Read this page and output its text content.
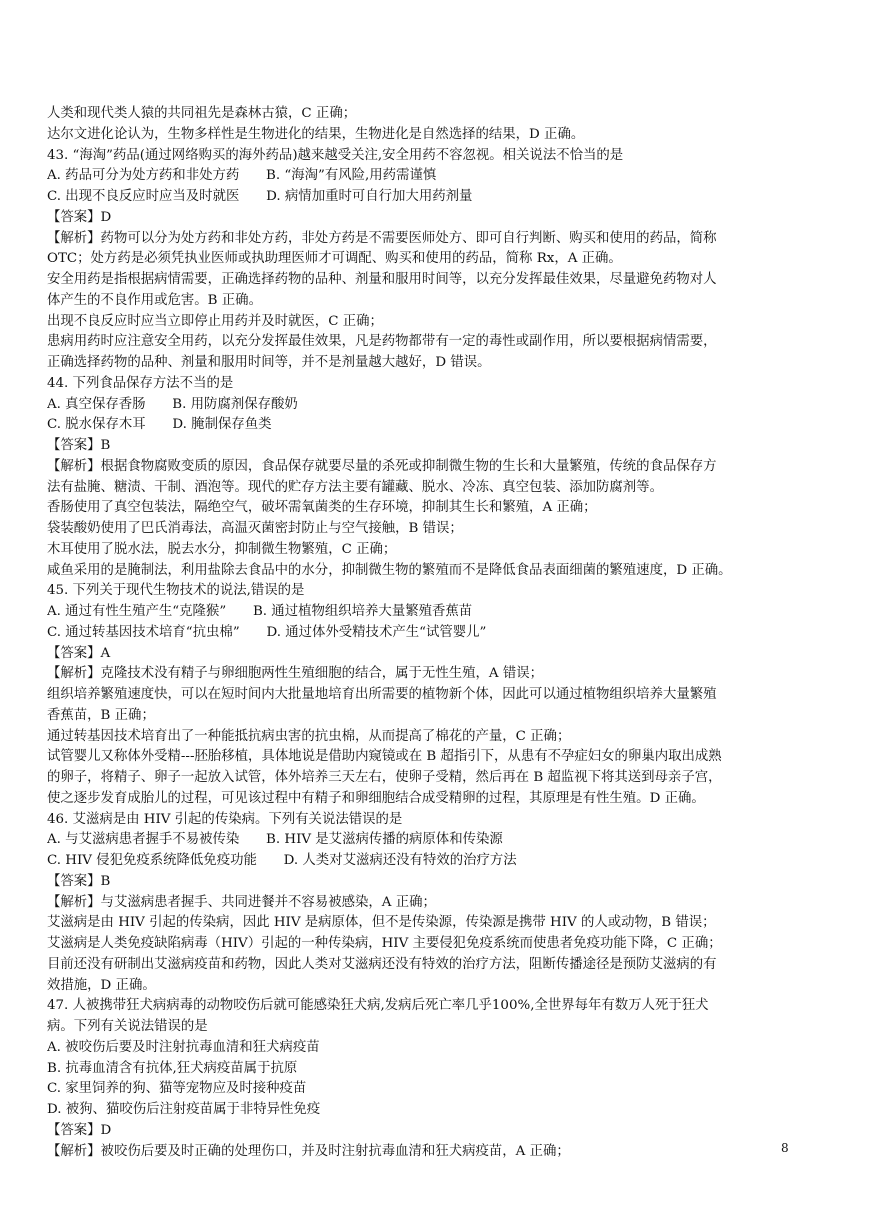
人类和现代类人猿的共同祖先是森林古猿，C 正确；
达尔文进化论认为，生物多样性是生物进化的结果，生物进化是自然选择的结果，D 正确。
43. “海淘”药品(通过网络购买的海外药品)越来越受关注,安全用药不容忽视。相关说法不恰当的是
A. 药品可分为处方药和非处方药　　B. “海淘”有风险,用药需谨慎
C. 出现不良反应时应当及时就医　　D. 病情加重时可自行加大用药剂量
【答案】D
【解析】药物可以分为处方药和非处方药，非处方药是不需要医师处方、即可自行判断、购买和使用的药品，简称
OTC；处方药是必须凭执业医师或执助理医师才可调配、购买和使用的药品，简称 Rx，A 正确。
安全用药是指根据病情需要，正确选择药物的品种、剂量和服用时间等，以充分发挥最佳效果，尽量避免药物对人
体产生的不良作用或危害。B 正确。
出现不良反应时应当立即停止用药并及时就医，C 正确；
患病用药时应注意安全用药，以充分发挥最佳效果，凡是药物都带有一定的毒性或副作用，所以要根据病情需要，
正确选择药物的品种、剂量和服用时间等，并不是剂量越大越好，D 错误。
44. 下列食品保存方法不当的是
A. 真空保存香肠　　B. 用防腐剂保存酸奶
C. 脱水保存木耳　　D. 腌制保存鱼类
【答案】B
【解析】根据食物腐败变质的原因，食品保存就要尽量的杀死或抑制微生物的生长和大量繁殖，传统的食品保存方
法有盐腌、糖渍、干制、酒泡等。现代的贮存方法主要有罐藏、脱水、冷冻、真空包装、添加防腐剂等。
香肠使用了真空包装法，隔绝空气，破坏需氧菌类的生存环境，抑制其生长和繁殖，A 正确；
袋装酸奶使用了巴氏消毒法，高温灭菌密封防止与空气接触，B 错误；
木耳使用了脱水法，脱去水分，抑制微生物繁殖，C 正确；
咸鱼采用的是腌制法，利用盐除去食品中的水分，抑制微生物的繁殖而不是降低食品表面细菌的繁殖速度，D 正确。
45. 下列关于现代生物技术的说法,错误的是
A. 通过有性生殖产生“克隆猴”　　B. 通过植物组织培养大量繁殖香蕉苗
C. 通过转基因技术培育“抗虫棉”　　D. 通过体外受精技术产生“试管婴儿”
【答案】A
【解析】克隆技术没有精子与卵细胞两性生殖细胞的结合，属于无性生殖，A 错误；
组织培养繁殖速度快，可以在短时间内大批量地培育出所需要的植物新个体，因此可以通过植物组织培养大量繁殖
香蕉苗，B 正确；
通过转基因技术培育出了一种能抵抗病虫害的抗虫棉，从而提高了棉花的产量，C 正确；
试管婴儿又称体外受精---胚胎移植，具体地说是借助内窥镜或在 B 超指引下，从患有不孕症妇女的卵巢内取出成熟
的卵子，将精子、卵子一起放入试管，体外培养三天左右，使卵子受精，然后再在 B 超监视下将其送到母亲子宫，
使之逐步发育成胎儿的过程，可见该过程中有精子和卵细胞结合成受精卵的过程，其原理是有性生殖。D 正确。
46. 艾滋病是由 HIV 引起的传染病。下列有关说法错误的是
A. 与艾滋病患者握手不易被传染　　B. HIV 是艾滋病传播的病原体和传染源
C. HIV 侵犯免疫系统降低免疫功能　　D. 人类对艾滋病还没有特效的治疗方法
【答案】B
【解析】与艾滋病患者握手、共同进餐并不容易被感染，A 正确；
艾滋病是由 HIV 引起的传染病，因此 HIV 是病原体，但不是传染源，传染源是携带 HIV 的人或动物，B 错误；
艾滋病是人类免疫缺陷病毒（HIV）引起的一种传染病，HIV 主要侵犯免疫系统而使患者免疫功能下降，C 正确；
目前还没有研制出艾滋病疫苗和药物，因此人类对艾滋病还没有特效的治疗方法，阻断传播途径是预防艾滋病的有
效措施，D 正确。
47. 人被携带狂犬病病毒的动物咬伤后就可能感染狂犬病,发病后死亡率几乎100%,全世界每年有数万人死于狂犬
病。下列有关说法错误的是
A. 被咬伤后要及时注射抗毒血清和狂犬病疫苗
B. 抗毒血清含有抗体,狂犬病疫苗属于抗原
C. 家里饲养的狗、猫等宠物应及时接种疫苗
D. 被狗、猫咬伤后注射疫苗属于非特异性免疫
【答案】D
【解析】被咬伤后要及时正确的处理伤口，并及时注射抗毒血清和狂犬病疫苗，A 正确；	8
